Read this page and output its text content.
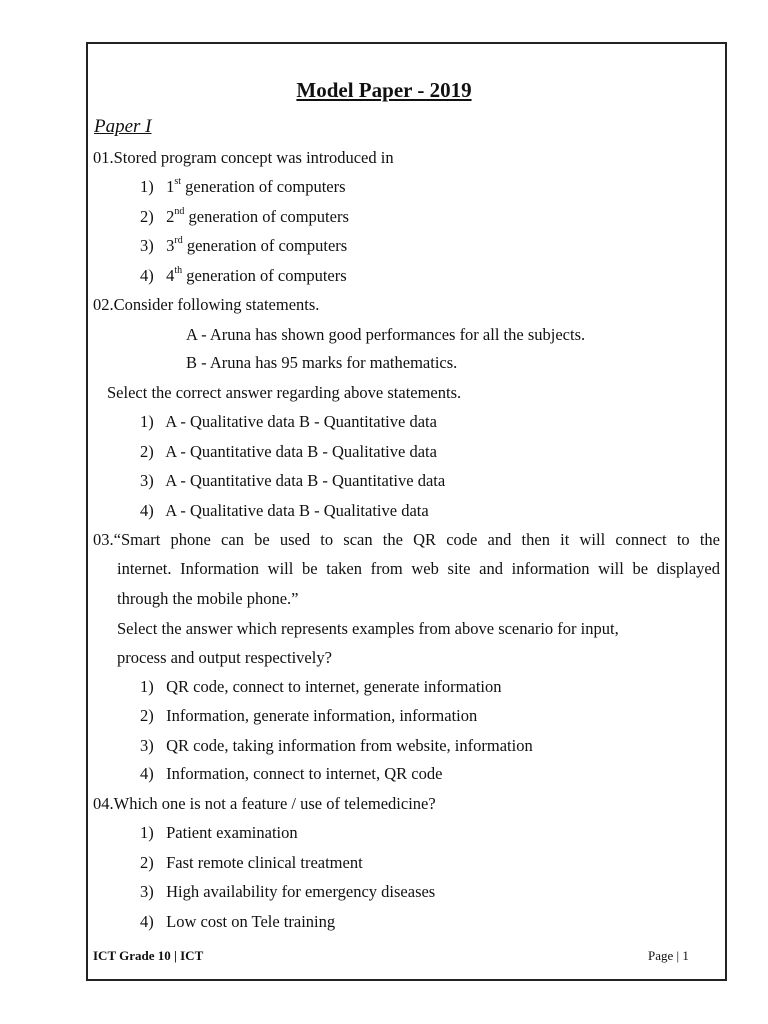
Model Paper - 2019
Paper I
01.Stored program concept was introduced in
1) 1st generation of computers
2) 2nd generation of computers
3) 3rd generation of computers
4) 4th generation of computers
02.Consider following statements.
A - Aruna has shown good performances for all the subjects.
B - Aruna has 95 marks for mathematics.
Select the correct answer regarding above statements.
1) A - Qualitative data B - Quantitative data
2) A - Quantitative data B - Qualitative data
3) A - Quantitative data B - Quantitative data
4) A - Qualitative data B - Qualitative data
03.“Smart phone can be used to scan the QR code and then it will connect to the
internet. Information will be taken from web site and information will be displayed
through the mobile phone.”
Select the answer which represents examples from above scenario for input,
process and output respectively?
1) QR code, connect to internet, generate information
2) Information, generate information, information
3) QR code, taking information from website, information
4) Information, connect to internet, QR code
04.Which one is not a feature / use of telemedicine?
1) Patient examination
2) Fast remote clinical treatment
3) High availability for emergency diseases
4) Low cost on Tele training
ICT Grade 10 | ICT	Page | 1
